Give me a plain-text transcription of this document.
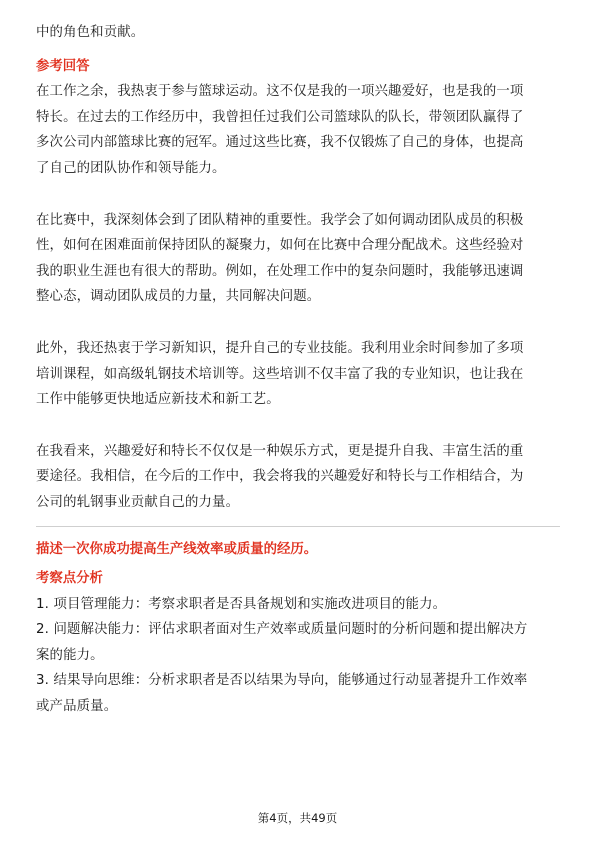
中的角色和贡献。
参考回答
在工作之余，我热衷于参与篮球运动。这不仅是我的一项兴趣爱好，也是我的一项
特长。在过去的工作经历中，我曾担任过我们公司篮球队的队长，带领团队赢得了
多次公司内部篮球比赛的冠军。通过这些比赛，我不仅锻炼了自己的身体，也提高
了自己的团队协作和领导能力。
在比赛中，我深刻体会到了团队精神的重要性。我学会了如何调动团队成员的积极
性，如何在困难面前保持团队的凝聚力，如何在比赛中合理分配战术。这些经验对
我的职业生涯也有很大的帮助。例如，在处理工作中的复杂问题时，我能够迅速调
整心态，调动团队成员的力量，共同解决问题。
此外，我还热衷于学习新知识，提升自己的专业技能。我利用业余时间参加了多项
培训课程，如高级轧钢技术培训等。这些培训不仅丰富了我的专业知识，也让我在
工作中能够更快地适应新技术和新工艺。
在我看来，兴趣爱好和特长不仅仅是一种娱乐方式，更是提升自我、丰富生活的重
要途径。我相信，在今后的工作中，我会将我的兴趣爱好和特长与工作相结合，为
公司的轧钢事业贡献自己的力量。
描述一次你成功提高生产线效率或质量的经历。
考察点分析
1. 项目管理能力：考察求职者是否具备规划和实施改进项目的能力。
2. 问题解决能力：评估求职者面对生产效率或质量问题时的分析问题和提出解决方
案的能力。
3. 结果导向思维：分析求职者是否以结果为导向，能够通过行动显著提升工作效率
或产品质量。
第4页，共49页
